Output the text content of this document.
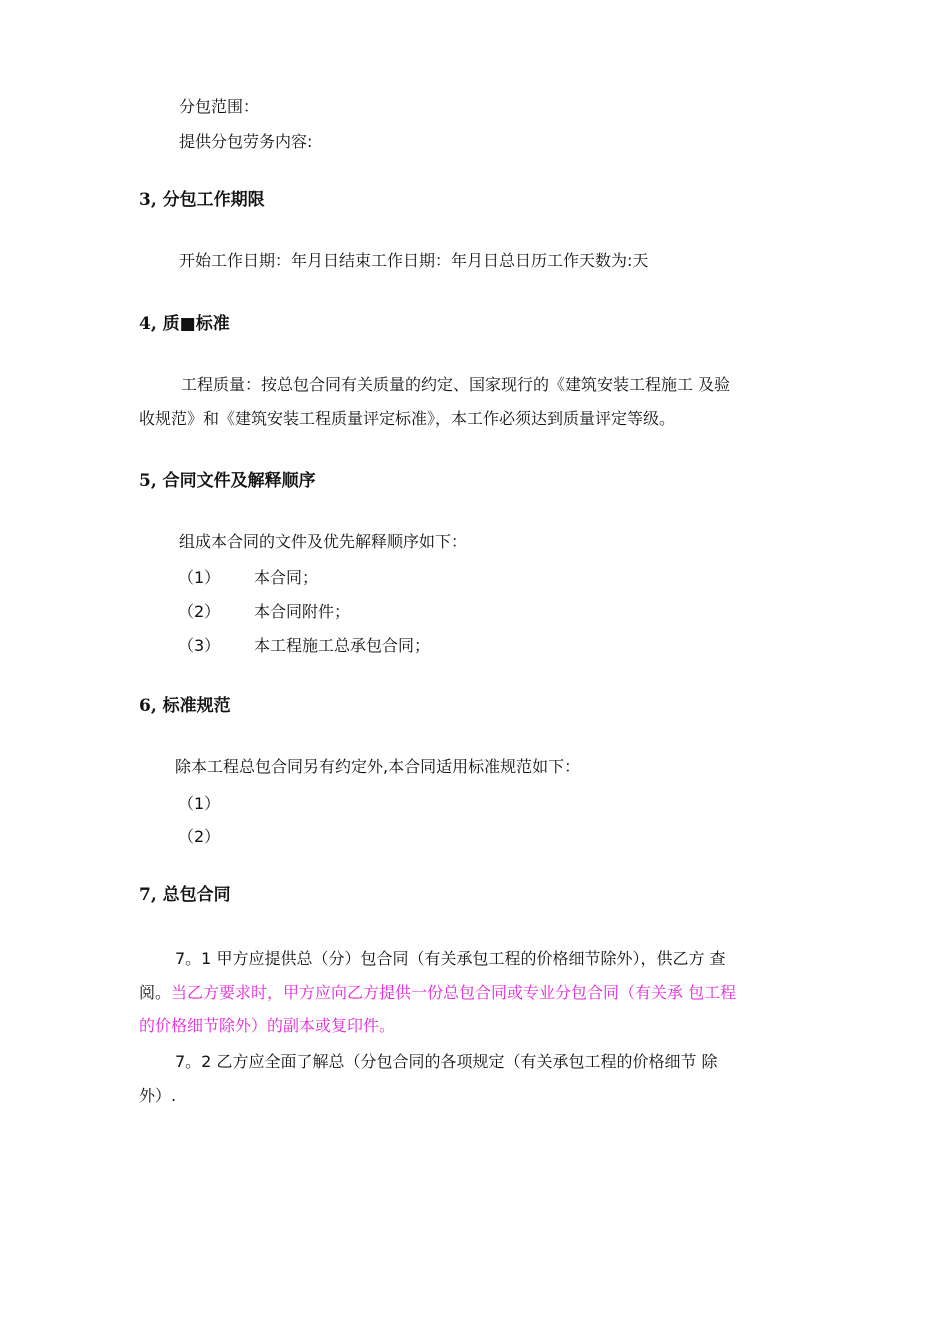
分包范围：
提供分包劳务内容:
3, 分包工作期限
开始工作日期：年月日结束工作日期：年月日总日历工作天数为:天
4, 质■标准
工程质量：按总包合同有关质量的约定、国家现行的《建筑安装工程施工 及验
收规范》和《建筑安装工程质量评定标准》，本工作必须达到质量评定等级。
5, 合同文件及解释顺序
组成本合同的文件及优先解释顺序如下：
（1） 本合同；
（2） 本合同附件；
（3） 本工程施工总承包合同；
6, 标准规范
除本工程总包合同另有约定外,本合同适用标准规范如下：
（1）
（2）
7, 总包合同
7。1 甲方应提供总（分）包合同（有关承包工程的价格细节除外），供乙方 查
阅。当乙方要求时，甲方应向乙方提供一份总包合同或专业分包合同（有关承 包工程
的价格细节除外）的副本或复印件。
7。2 乙方应全面了解总（分包合同的各项规定（有关承包工程的价格细节 除
外）.
